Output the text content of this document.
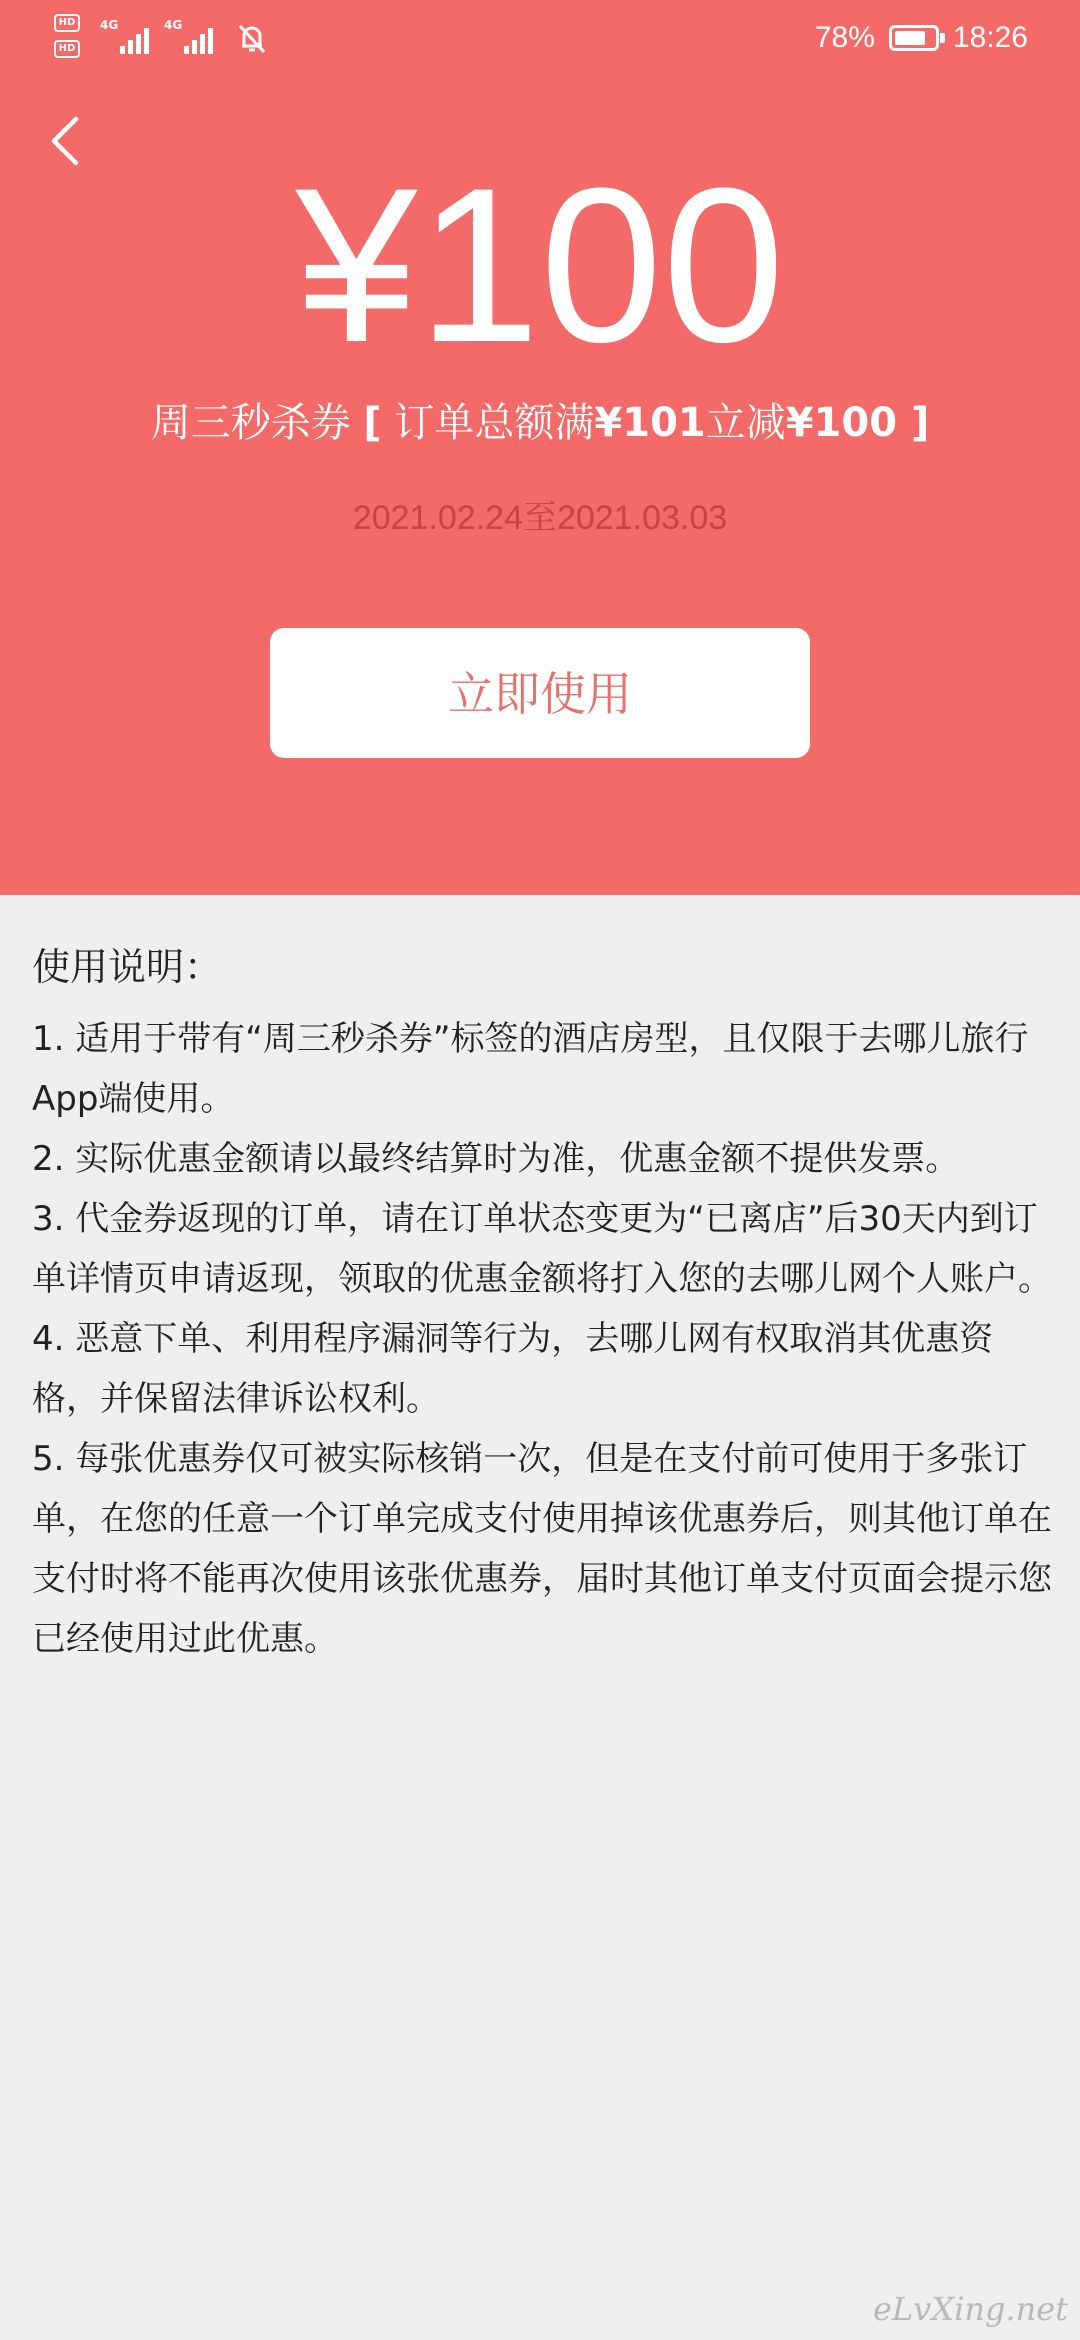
HD
HD
4G	4G	78%	18:26
¥100
周三秒杀券 [ 订单总额满¥101立减¥100 ]
2021.02.24至2021.03.03
立即使用
使用说明：
1. 适用于带有“周三秒杀券”标签的酒店房型，且仅限于去哪儿旅行App端使用。
2. 实际优惠金额请以最终结算时为准，优惠金额不提供发票。
3. 代金券返现的订单，请在订单状态变更为“已离店”后30天内到订单详情页申请返现，领取的优惠金额将打入您的去哪儿网个人账户。
4. 恶意下单、利用程序漏洞等行为，去哪儿网有权取消其优惠资格，并保留法律诉讼权利。
5. 每张优惠券仅可被实际核销一次，但是在支付前可使用于多张订单，在您的任意一个订单完成支付使用掉该优惠券后，则其他订单在支付时将不能再次使用该张优惠券，届时其他订单支付页面会提示您已经使用过此优惠。
eLvXing.net
